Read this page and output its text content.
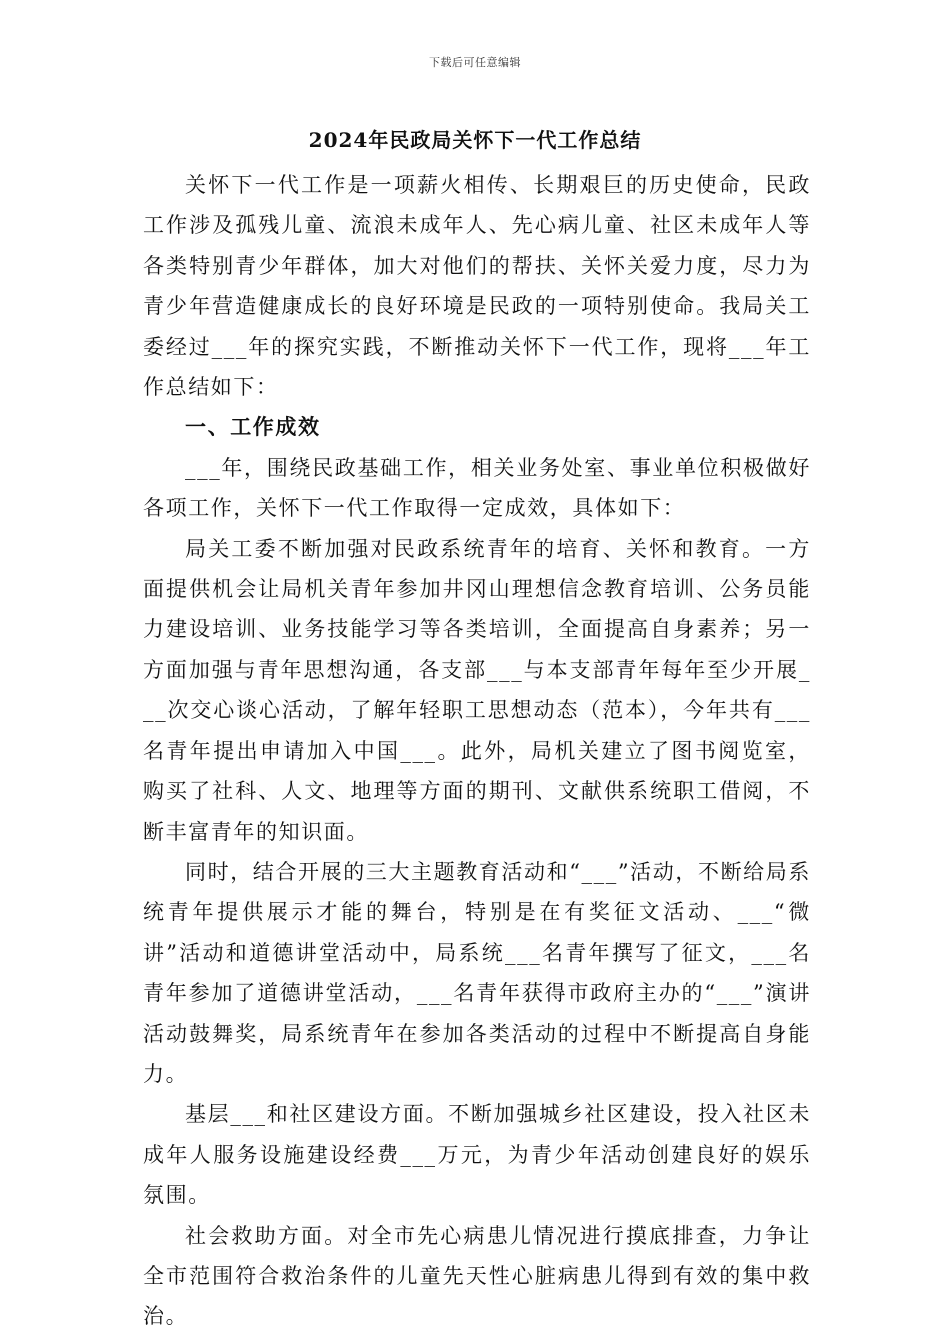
下载后可任意编辑
2024年民政局关怀下一代工作总结

关怀下一代工作是一项薪火相传、长期艰巨的历史使命，民政工作涉及孤残儿童、流浪未成年人、先心病儿童、社区未成年人等各类特别青少年群体，加大对他们的帮扶、关怀关爱力度，尽力为青少年营造健康成长的良好环境是民政的一项特别使命。我局关工委经过___年的探究实践，不断推动关怀下一代工作，现将___年工作总结如下：

一、工作成效

___年，围绕民政基础工作，相关业务处室、事业单位积极做好各项工作，关怀下一代工作取得一定成效，具体如下：

局关工委不断加强对民政系统青年的培育、关怀和教育。一方面提供机会让局机关青年参加井冈山理想信念教育培训、公务员能力建设培训、业务技能学习等各类培训，全面提高自身素养；另一方面加强与青年思想沟通，各支部___与本支部青年每年至少开展___次交心谈心活动，了解年轻职工思想动态（范本），今年共有___名青年提出申请加入中国___。此外，局机关建立了图书阅览室，购买了社科、人文、地理等方面的期刊、文献供系统职工借阅，不断丰富青年的知识面。

同时，结合开展的三大主题教育活动和“___”活动，不断给局系统青年提供展示才能的舞台，特别是在有奖征文活动、___“微讲”活动和道德讲堂活动中，局系统___名青年撰写了征文，___名青年参加了道德讲堂活动，___名青年获得市政府主办的“___”演讲活动鼓舞奖，局系统青年在参加各类活动的过程中不断提高自身能力。

基层___和社区建设方面。不断加强城乡社区建设，投入社区未成年人服务设施建设经费___万元，为青少年活动创建良好的娱乐氛围。

社会救助方面。对全市先心病患儿情况进行摸底排查，力争让全市范围符合救治条件的儿童先天性心脏病患儿得到有效的集中救治。
